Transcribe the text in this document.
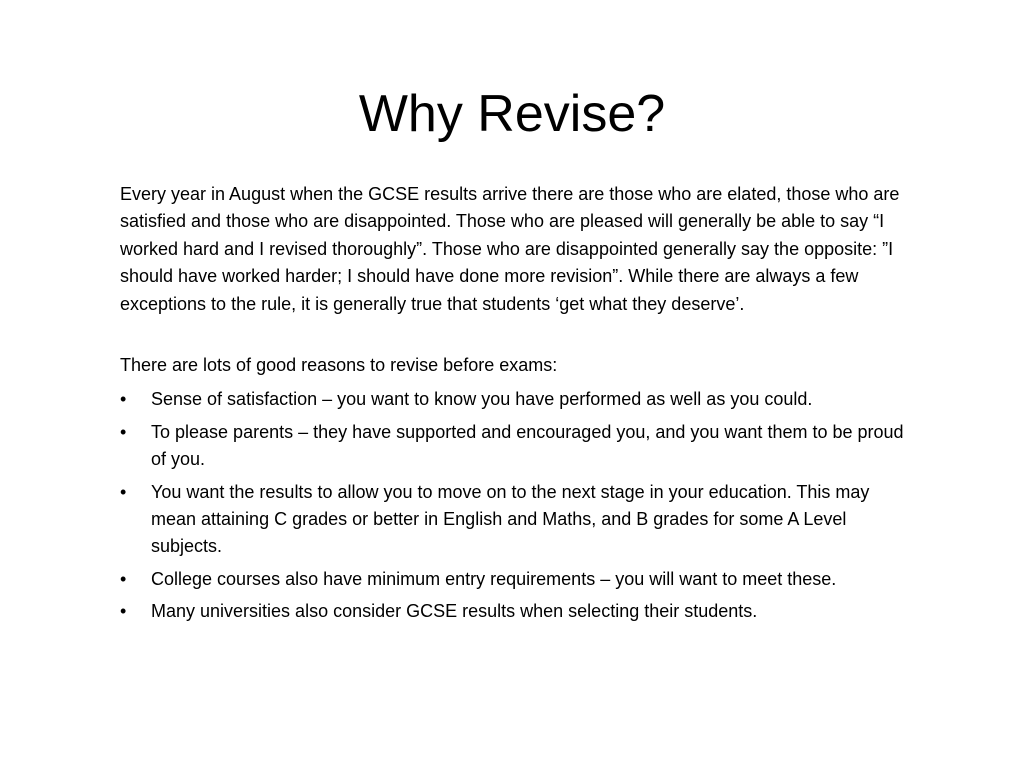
Why Revise?

Every year in August when the GCSE results arrive there are those who are elated, those who are satisfied and those who are disappointed. Those who are pleased will generally be able to say “I worked hard and I revised thoroughly”. Those who are disappointed generally say the opposite: ”I should have worked harder; I should have done more revision”. While there are always a few exceptions to the rule, it is generally true that students ‘get what they deserve’.

There are lots of good reasons to revise before exams:

•	Sense of satisfaction – you want to know you have performed as well as you could.
•	To please parents – they have supported and encouraged you, and you want them to be proud of you.
•	You want the results to allow you to move on to the next stage in your education. This may mean attaining C grades or better in English and Maths, and B grades for some A Level subjects.
•	College courses also have minimum entry requirements – you will want to meet these.
•	Many universities also consider GCSE results when selecting their students.
